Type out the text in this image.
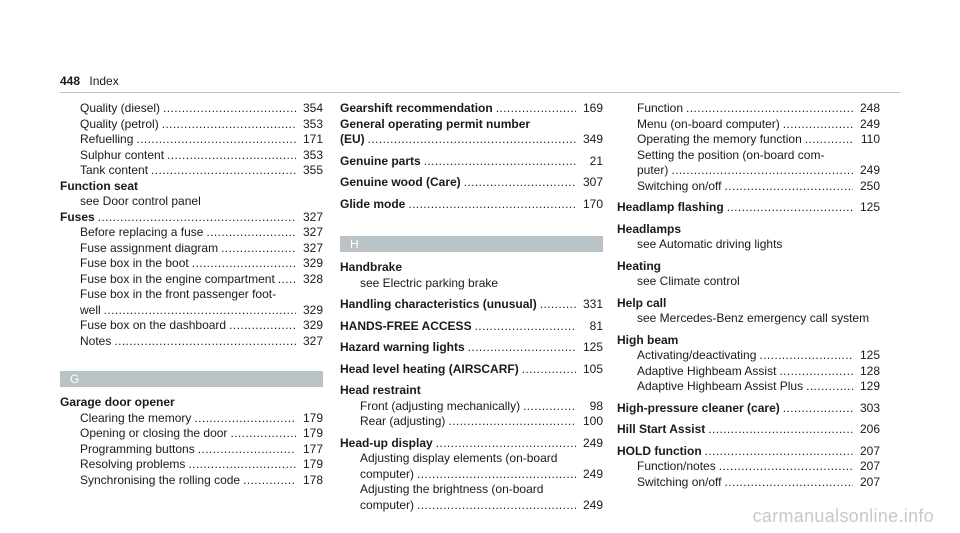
448 Index
Quality (diesel) .....	354
Quality (petrol) .....	353
Refuelling .....	171
Sulphur content .....	353
Tank content .....	355
Function seat
see Door control panel
Fuses .....	327
Before replacing a fuse .....	327
Fuse assignment diagram .....	327
Fuse box in the boot .....	329
Fuse box in the engine compartment .....	328
Fuse box in the front passenger foot-
well .....	329
Fuse box on the dashboard .....	329
Notes .....	327
G
Garage door opener
Clearing the memory .....	179
Opening or closing the door .....	179
Programming buttons .....	177
Resolving problems .....	179
Synchronising the rolling code .....	178
Gearshift recommendation .....	169
General operating permit number
(EU) .....	349
Genuine parts .....	21
Genuine wood (Care) .....	307
Glide mode .....	170
H
Handbrake
see Electric parking brake
Handling characteristics (unusual) .....	331
HANDS-FREE ACCESS .....	81
Hazard warning lights .....	125
Head level heating (AIRSCARF) .....	105
Head restraint
Front (adjusting mechanically) .....	98
Rear (adjusting) .....	100
Head-up display .....	249
Adjusting display elements (on-board
computer) .....	249
Adjusting the brightness (on-board
computer) .....	249
Function .....	248
Menu (on-board computer) .....	249
Operating the memory function .....	110
Setting the position (on-board com-
puter) .....	249
Switching on/off .....	250
Headlamp flashing .....	125
Headlamps
see Automatic driving lights
Heating
see Climate control
Help call
see Mercedes-Benz emergency call system
High beam
Activating/deactivating .....	125
Adaptive Highbeam Assist .....	128
Adaptive Highbeam Assist Plus .....	129
High-pressure cleaner (care) .....	303
Hill Start Assist .....	206
HOLD function .....	207
Function/notes .....	207
Switching on/off .....	207
carmanualsonline.info
